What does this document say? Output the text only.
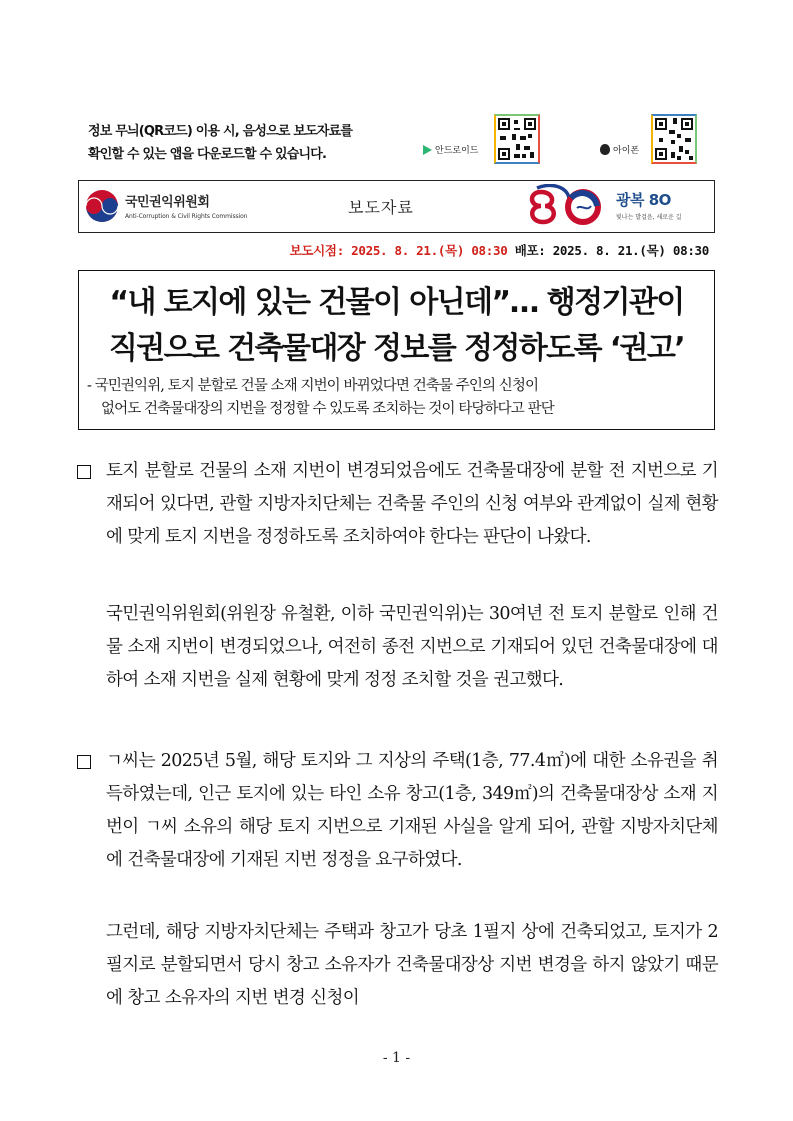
정보 무늬(QR코드) 이용 시, 음성으로 보도자료를
확인할 수 있는 앱을 다운로드할 수 있습니다.	안드로이드	아이폰
국민권익위원회
Anti-Corruption & Civil Rights Commission	보도자료	광복 8O
빛나는 발걸음, 새로운 길
보도시점: 2025. 8. 21.(목) 08:30 배포: 2025. 8. 21.(목) 08:30
“내 토지에 있는 건물이 아닌데”… 행정기관이
직권으로 건축물대장 정보를 정정하도록 ‘권고’
- 국민권익위, 토지 분할로 건물 소재 지번이 바뀌었다면 건축물 주인의 신청이
없어도 건축물대장의 지번을 정정할 수 있도록 조치하는 것이 타당하다고 판단
토지 분할로 건물의 소재 지번이 변경되었음에도 건축물대장에 분할 전 지번으로 기재되어 있다면, 관할 지방자치단체는 건축물 주인의 신청 여부와 관계없이 실제 현황에 맞게 토지 지번을 정정하도록 조치하여야 한다는 판단이 나왔다.
국민권익위원회(위원장 유철환, 이하 국민권익위)는 30여년 전 토지 분할로 인해 건물 소재 지번이 변경되었으나, 여전히 종전 지번으로 기재되어 있던 건축물대장에 대하여 소재 지번을 실제 현황에 맞게 정정 조치할 것을 권고했다.
ㄱ씨는 2025년 5월, 해당 토지와 그 지상의 주택(1층, 77.4㎡)에 대한 소유권을 취득하였는데, 인근 토지에 있는 타인 소유 창고(1층, 349㎡)의 건축물대장상 소재 지번이 ㄱ씨 소유의 해당 토지 지번으로 기재된 사실을 알게 되어, 관할 지방자치단체에 건축물대장에 기재된 지번 정정을 요구하였다.
그런데, 해당 지방자치단체는 주택과 창고가 당초 1필지 상에 건축되었고, 토지가 2필지로 분할되면서 당시 창고 소유자가 건축물대장상 지번 변경을 하지 않았기 때문에 창고 소유자의 지번 변경 신청이
- 1 -
